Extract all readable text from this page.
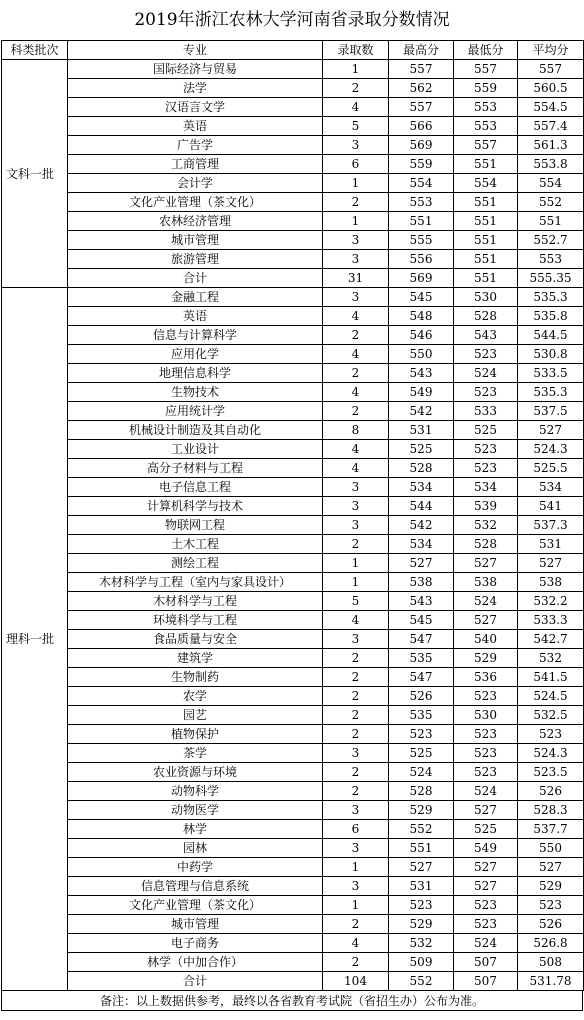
2019年浙江农林大学河南省录取分数情况
科类批次	专业	录取数	最高分	最低分	平均分
文科一批	国际经济与贸易	1	557	557	557
	法学	2	562	559	560.5
	汉语言文学	4	557	553	554.5
	英语	5	566	553	557.4
	广告学	3	569	557	561.3
	工商管理	6	559	551	553.8
	会计学	1	554	554	554
	文化产业管理（茶文化）	2	553	551	552
	农林经济管理	1	551	551	551
	城市管理	3	555	551	552.7
	旅游管理	3	556	551	553
	合计	31	569	551	555.35
理科一批	金融工程	3	545	530	535.3
	英语	4	548	528	535.8
	信息与计算科学	2	546	543	544.5
	应用化学	4	550	523	530.8
	地理信息科学	2	543	524	533.5
	生物技术	4	549	523	535.3
	应用统计学	2	542	533	537.5
	机械设计制造及其自动化	8	531	525	527
	工业设计	4	525	523	524.3
	高分子材料与工程	4	528	523	525.5
	电子信息工程	3	534	534	534
	计算机科学与技术	3	544	539	541
	物联网工程	3	542	532	537.3
	土木工程	2	534	528	531
	测绘工程	1	527	527	527
	木材科学与工程（室内与家具设计）	1	538	538	538
	木材科学与工程	5	543	524	532.2
	环境科学与工程	4	545	527	533.3
	食品质量与安全	3	547	540	542.7
	建筑学	2	535	529	532
	生物制药	2	547	536	541.5
	农学	2	526	523	524.5
	园艺	2	535	530	532.5
	植物保护	2	523	523	523
	茶学	3	525	523	524.3
	农业资源与环境	2	524	523	523.5
	动物科学	2	528	524	526
	动物医学	3	529	527	528.3
	林学	6	552	525	537.7
	园林	3	551	549	550
	中药学	1	527	527	527
	信息管理与信息系统	3	531	527	529
	文化产业管理（茶文化）	1	523	523	523
	城市管理	2	529	523	526
	电子商务	4	532	524	526.8
	林学（中加合作）	2	509	507	508
	合计	104	552	507	531.78
备注：以上数据供参考，最终以各省教育考试院（省招生办）公布为准。
